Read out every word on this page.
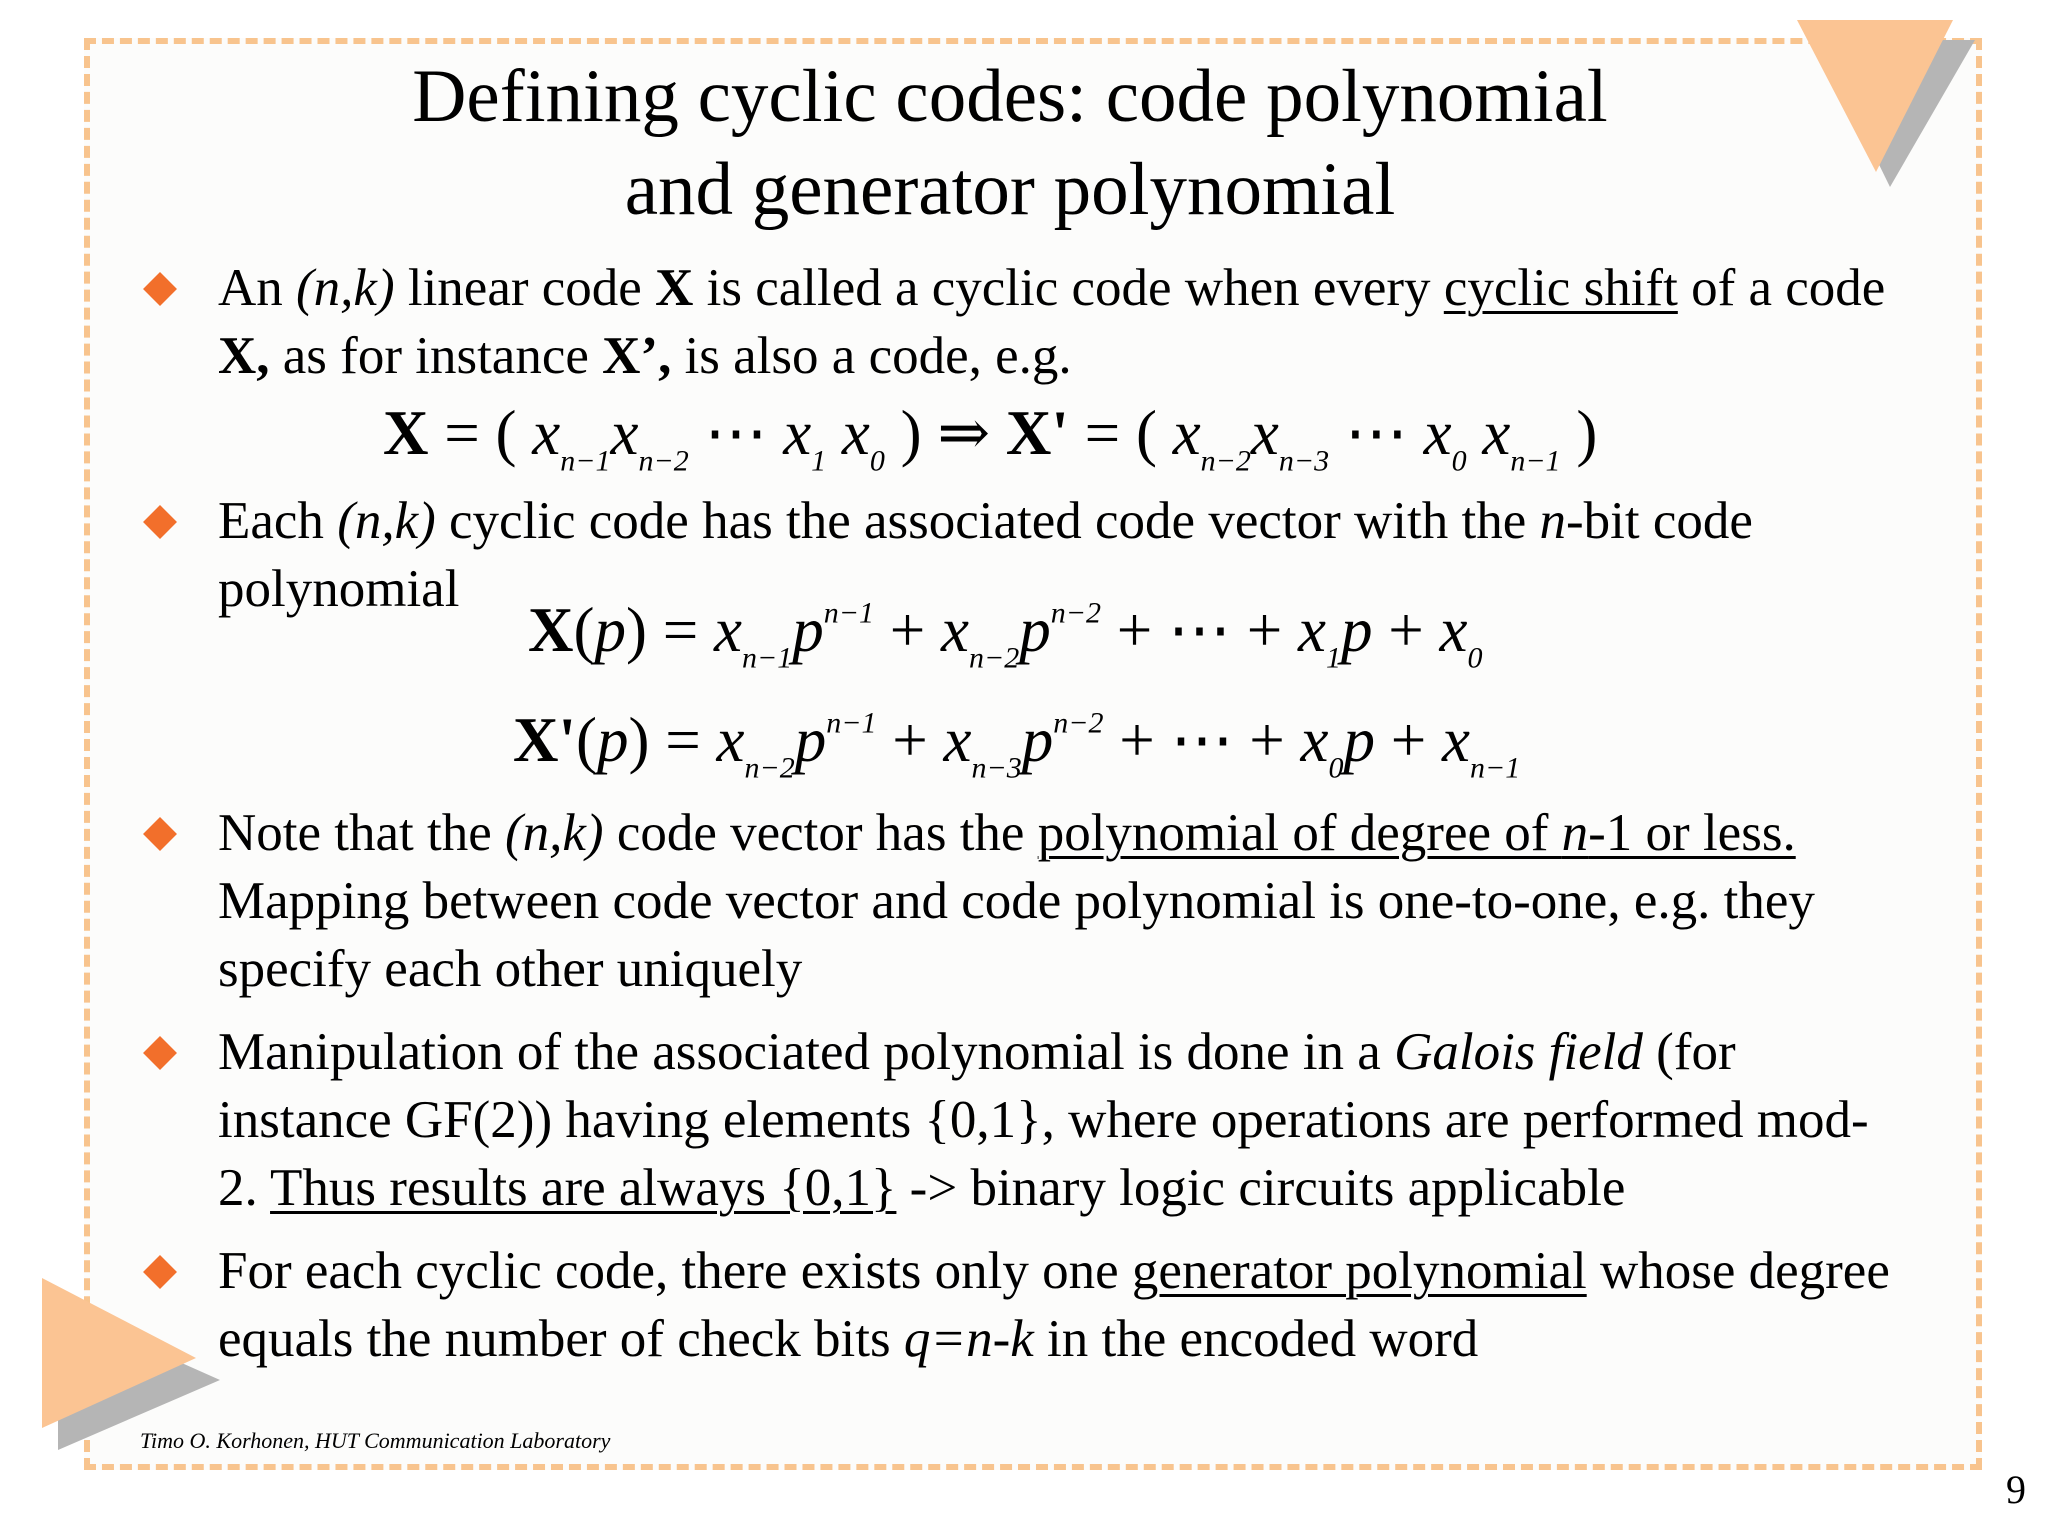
Defining cyclic codes: code polynomial
and generator polynomial

An (n,k) linear code X is called a cyclic code when every cyclic shift of a code X, as for instance X’, is also a code, e.g.

X = ( $x_{n-1}x_{n-2}$ ⋯ $x_1$ $x_0$ ) ⇒ X' = ( $x_{n-2}x_{n-3}$ ⋯ $x_0$ $x_{n-1}$ )

Each (n,k) cyclic code has the associated code vector with the n-bit code polynomial

$X(p) = x_{n-1}p^{n-1} + x_{n-2}p^{n-2}$ + ⋯ + $x_1p + x_0$
$X'(p) = x_{n-2}p^{n-1} + x_{n-3}p^{n-2}$ + ⋯ + $x_0p + x_{n-1}$

Note that the (n,k) code vector has the polynomial of degree of n-1 or less. Mapping between code vector and code polynomial is one-to-one, e.g. they specify each other uniquely

Manipulation of the associated polynomial is done in a Galois field (for instance GF(2)) having elements {0,1}, where operations are performed mod-2. Thus results are always {0,1} -> binary logic circuits applicable

For each cyclic code, there exists only one generator polynomial whose degree equals the number of check bits q=n-k in the encoded word

Timo O. Korhonen, HUT Communication Laboratory
9
